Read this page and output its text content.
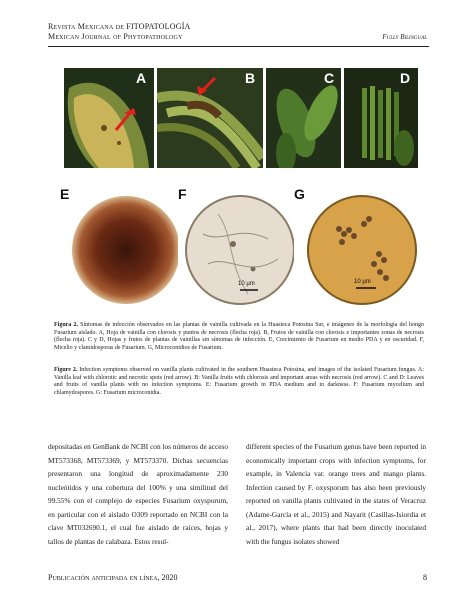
Revista Mexicana de FITOPATOLOGÍA
Mexican Journal of Phytopathology	Fully Bilingual
A	B	C	D
E	F
10 µm
G
10 µm
Figura 2. Síntomas de infección observados en las plantas de vainilla cultivada en la Huasteca Potosina Sur, e imágenes de la morfología del hongo Fusarium aislado. A, Hoja de vainilla con clorosis y puntos de necrosis (flecha roja). B, Frutos de vainilla con clorosis e importantes zonas de necrosis (flecha roja). C y D, Hojas y frutos de plantas de vainillas sin síntomas de infección. E, Crecimiento de Fusarium en medio PDA y en oscuridad. F, Micelio y clamidosporas de Fusarium. G, Microconidios de Fusarium.
Figure 2. Infection symptoms observed on vanilla plants cultivated in the southern Huasteca Potosina, and images of the isolated Fusarium fungus. A: Vanilla leaf with chlorotic and necrotic spots (red arrow). B: Vanilla fruits with chlorosis and important areas with necrosis (red arrow). C and D: Leaves and fruits of vanilla plants with no infection symptoms. E: Fusarium growth in PDA medium and in darkness. F: Fusarium mycelium and chlamydospores. G: Fusarium microconidia.
depositadas en GenBank de NCBI con los números de acceso MT573368, MT573369, y MT573370. Dichas secuencias presentaron una longitud de aproximadamente 230 nucleótidos y una cobertura del 100% y una similitud del 99.55% con el complejo de especies Fusarium oxysporum, en particular con el aislado O309 reportado en NCBI con la clave MT032690.1, el cual fue aislado de raíces, hojas y tallos de plantas de calabaza. Estos resul-
different species of the Fusarium genus have been reported in economically important crops with infection symptoms, for example, in Valencia var. orange trees and mango plants. Infection caused by F. oxysporum has also been previously reported on vanilla plants cultivated in the states of Veracruz (Adame-García et al., 2015) and Nayarit (Casillas-Isiordia et al., 2017), where plants that had been directly inoculated with the fungus isolates showed
Publicación anticipada en línea, 2020	8
